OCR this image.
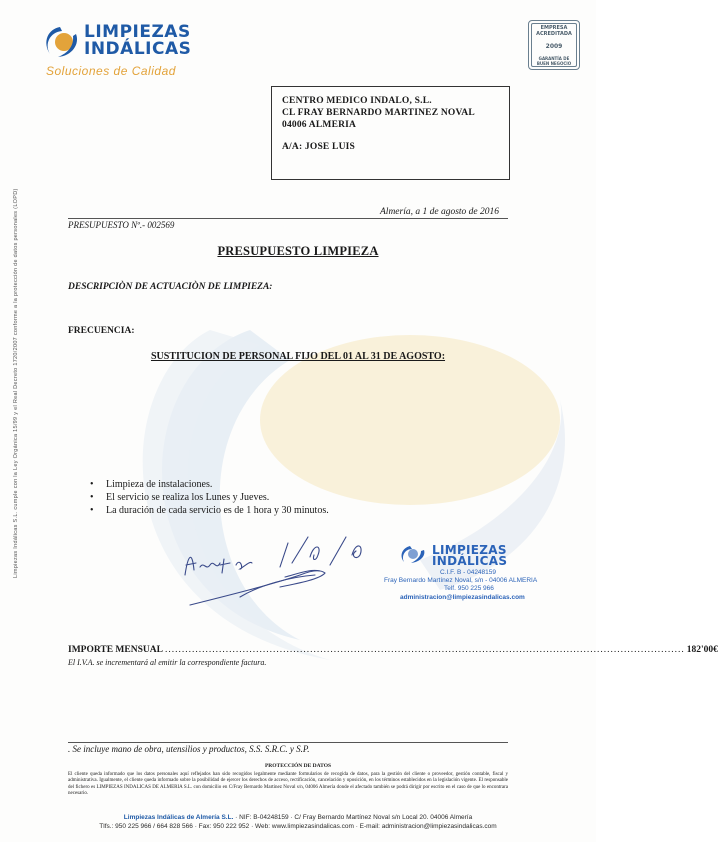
LIMPIEZAS
INDÁLICAS
Soluciones de Calidad
EMPRESA ACREDITADA
2009
GARANTÍA DE BUEN NEGOCIO
CENTRO MEDICO INDALO, S.L.
CL FRAY BERNARDO MARTINEZ NOVAL
04006 ALMERIA
A/A: JOSE LUIS
Limpiezas Indálicas S.L. cumple con la Ley Orgánica 15/99 y el Real Decreto 1720/2007 conforme a la protección de datos personales (LOPD)	Almería, a 1 de agosto de 2016
PRESUPUESTO Nº.- 002569
PRESUPUESTO LIMPIEZA
DESCRIPCIÒN DE ACTUACIÒN DE LIMPIEZA:
FRECUENCIA:
SUSTITUCION DE PERSONAL FIJO DEL 01 AL 31 DE AGOSTO:
• Limpieza de instalaciones.
• El servicio se realiza los Lunes y Jueves.
• La duración de cada servicio es de 1 hora y 30 minutos.
LIMPIEZAS
INDÁLICAS
C.I.F. B - 04248159
Fray Bernardo Martínez Noval, s/n - 04006 ALMERIA
Telf. 950 225 966
administracion@limpiezasindalicas.com
IMPORTE MENSUAL .......................................................................................................................................................... 182'00€
El I.V.A. se incrementará al emitir la correspondiente factura.
. Se incluye mano de obra, utensilios y productos, S.S. S.R.C. y S.P.
PROTECCIÓN DE DATOS
El cliente queda informado que los datos personales aquí reflejados han sido recogidos legalmente mediante formularios de recogida de datos, para la gestión del cliente o proveedor, gestión contable, fiscal y administrativa. Igualmente, el cliente queda informado sobre la posibilidad de ejercer los derechos de acceso, rectificación, cancelación y oposición, en los términos establecidos en la legislación vigente. El responsable del fichero es LIMPIEZAS INDALICAS DE ALMERIA S.L. con domicilio en C/Fray Bernardo Martinez Noval s/n, 04006 Almería donde el afectado también se podrá dirigir por escrito en el caso de que lo encontrara necesario.
Limpiezas Indálicas de Almería S.L. · NIF: B-04248159 · C/ Fray Bernardo Martínez Noval s/n Local 20. 04006 Almería
Tlfs.: 950 225 966 / 664 828 566 · Fax: 950 222 952 · Web: www.limpiezasindalicas.com · E-mail: administracion@limpiezasindalicas.com
